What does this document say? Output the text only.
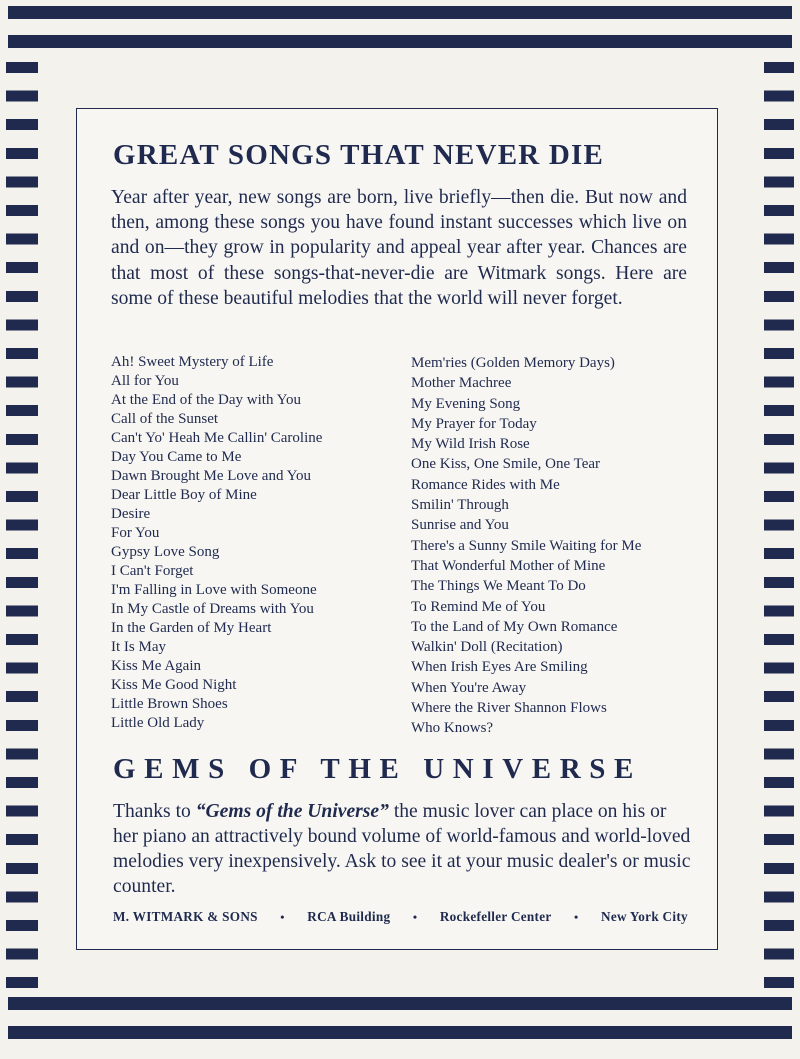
GREAT SONGS THAT NEVER DIE

Year after year, new songs are born, live briefly—then die. But now and then, among these songs you have found instant successes which live on and on—they grow in popularity and appeal year after year. Chances are that most of these songs-that-never-die are Witmark songs. Here are some of these beautiful melodies that the world will never forget.

Ah! Sweet Mystery of Life
All for You
At the End of the Day with You
Call of the Sunset
Can't Yo' Heah Me Callin' Caroline
Day You Came to Me
Dawn Brought Me Love and You
Dear Little Boy of Mine
Desire
For You
Gypsy Love Song
I Can't Forget
I'm Falling in Love with Someone
In My Castle of Dreams with You
In the Garden of My Heart
It Is May
Kiss Me Again
Kiss Me Good Night
Little Brown Shoes
Little Old Lady
Mem'ries (Golden Memory Days)
Mother Machree
My Evening Song
My Prayer for Today
My Wild Irish Rose
One Kiss, One Smile, One Tear
Romance Rides with Me
Smilin' Through
Sunrise and You
There's a Sunny Smile Waiting for Me
That Wonderful Mother of Mine
The Things We Meant To Do
To Remind Me of You
To the Land of My Own Romance
Walkin' Doll (Recitation)
When Irish Eyes Are Smiling
When You're Away
Where the River Shannon Flows
Who Knows?
GEMS OF THE UNIVERSE

Thanks to “Gems of the Universe” the music lover can place on his or her piano an attractively bound volume of world-famous and world-loved melodies very inexpensively. Ask to see it at your music dealer's or music counter.

M. WITMARK & SONS • RCA Building • Rockefeller Center • New York City
